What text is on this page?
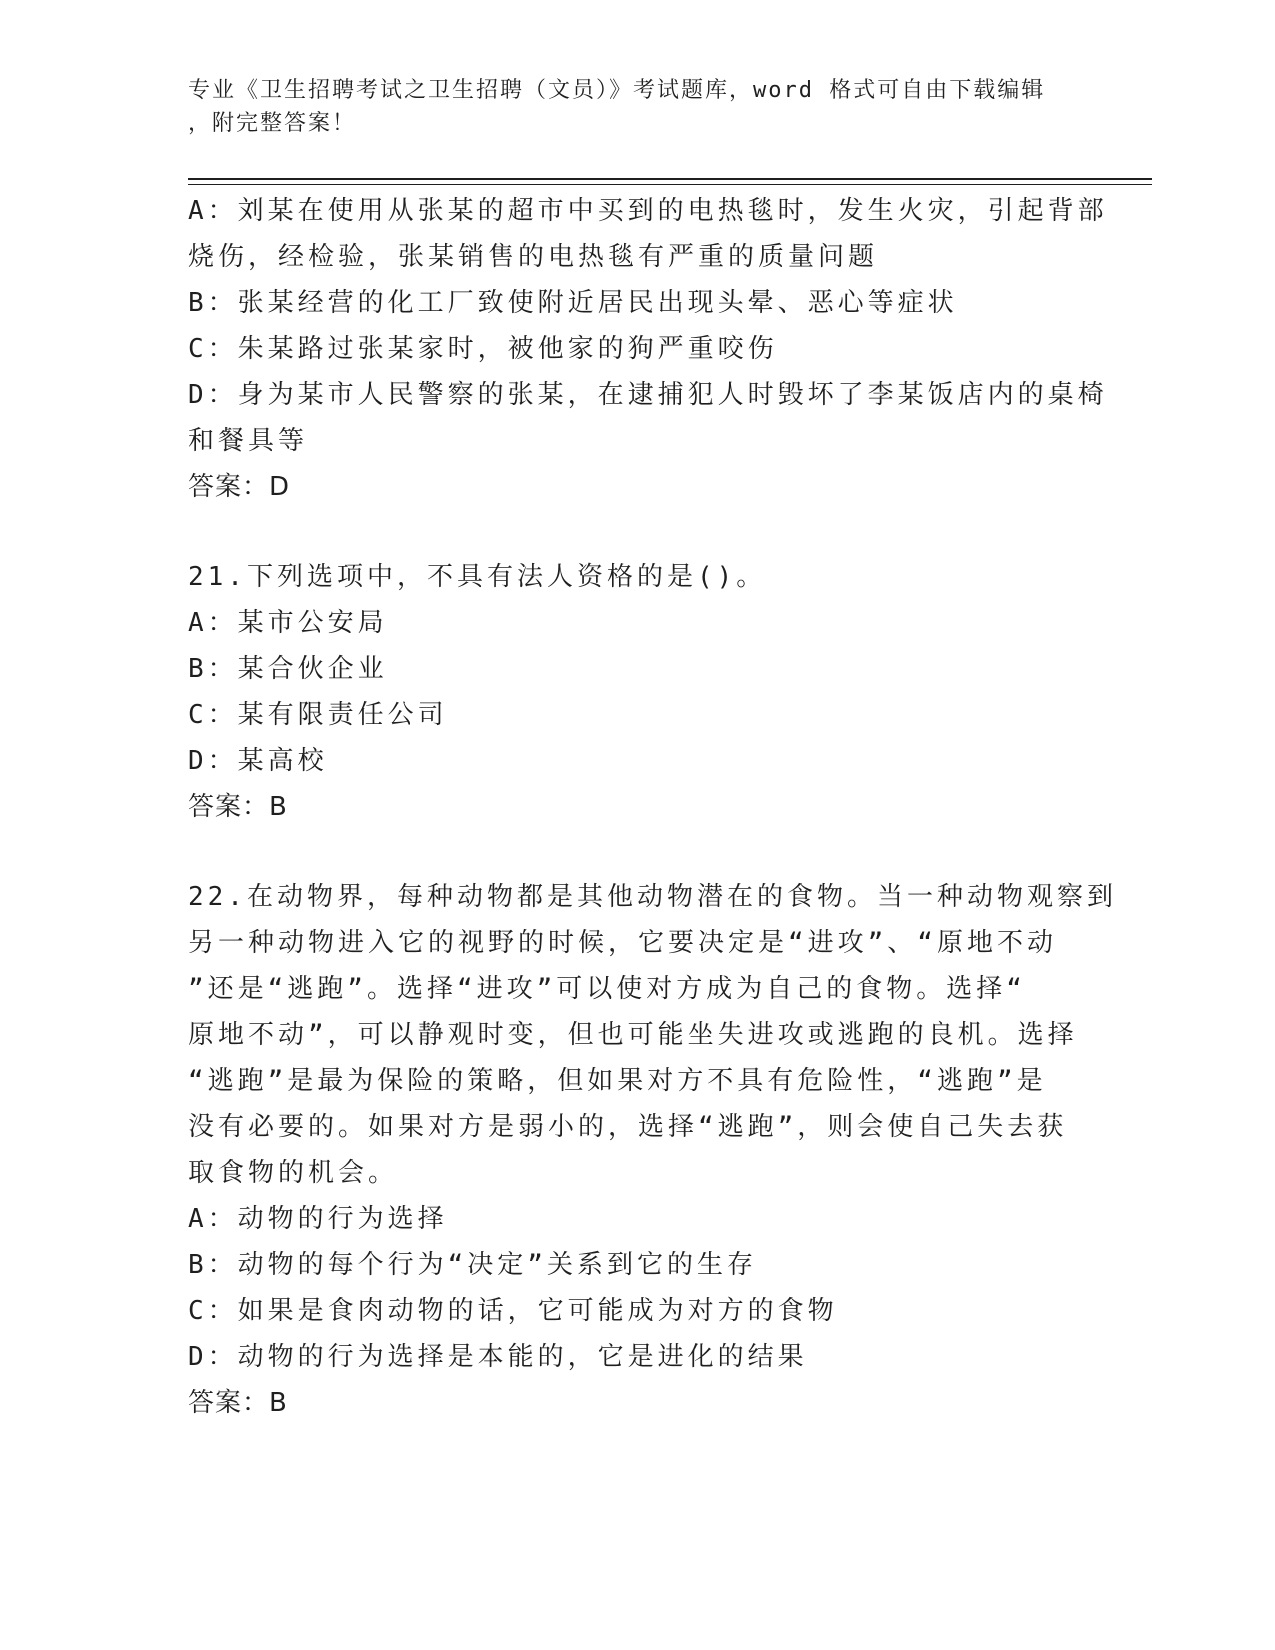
专业《卫生招聘考试之卫生招聘（文员）》考试题库，word 格式可自由下载编辑
，附完整答案！
A：刘某在使用从张某的超市中买到的电热毯时，发生火灾，引起背部
烧伤，经检验，张某销售的电热毯有严重的质量问题
B：张某经营的化工厂致使附近居民出现头晕、恶心等症状
C：朱某路过张某家时，被他家的狗严重咬伤
D：身为某市人民警察的张某，在逮捕犯人时毁坏了李某饭店内的桌椅
和餐具等
答案：D
21.下列选项中，不具有法人资格的是()。
A：某市公安局
B：某合伙企业
C：某有限责任公司
D：某高校
答案：B
22.在动物界，每种动物都是其他动物潜在的食物。当一种动物观察到
另一种动物进入它的视野的时候，它要决定是“进攻”、“原地不动
”还是“逃跑”。选择“进攻”可以使对方成为自己的食物。选择“
原地不动”，可以静观时变，但也可能坐失进攻或逃跑的良机。选择
“逃跑”是最为保险的策略，但如果对方不具有危险性，“逃跑”是
没有必要的。如果对方是弱小的，选择“逃跑”，则会使自己失去获
取食物的机会。
A：动物的行为选择
B：动物的每个行为“决定”关系到它的生存
C：如果是食肉动物的话，它可能成为对方的食物
D：动物的行为选择是本能的，它是进化的结果
答案：B
